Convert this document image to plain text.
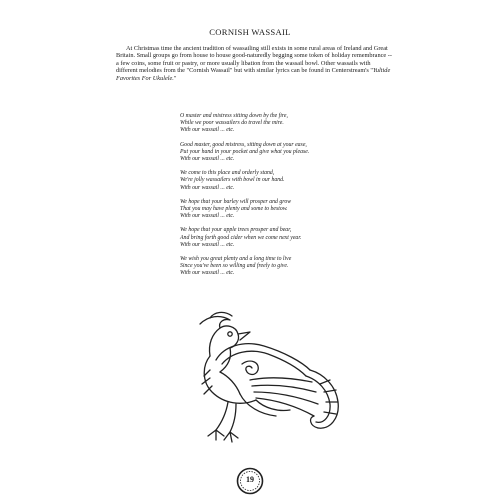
CORNISH WASSAIL
At Christmas time the ancient tradition of wassailing still exists in some rural areas of Ireland and Great Britain. Small groups go from house to house good-naturedly begging some token of holiday remembrance -- a few coins, some fruit or pastry, or more usually libation from the wassail bowl. Other wassails with different melodies from the "Cornish Wassail" but with similar lyrics can be found in Centerstream's "Yultide Favorites For Ukulele."
O master and mistress sitting down by the fire,
While we poor wassailers do travel the mire.
With our wassail ... etc.
Good master, good mistress, sitting down at your ease,
Put your hand in your pocket and give what you please.
With our wassail ... etc.
We come to this place and orderly stand,
We're jolly wassailers with bowl in our hand.
With our wassail ... etc.
We hope that your barley will prosper and grow
That you may have plenty and some to bestow.
With our wassail ... etc.
We hope that your apple trees prosper and bear,
And bring forth good cider when we come next year.
With our wassail ... etc.
We wish you great plenty and a long time to live
Since you've been so willing and freely to give.
With our wassail ... etc.
19
